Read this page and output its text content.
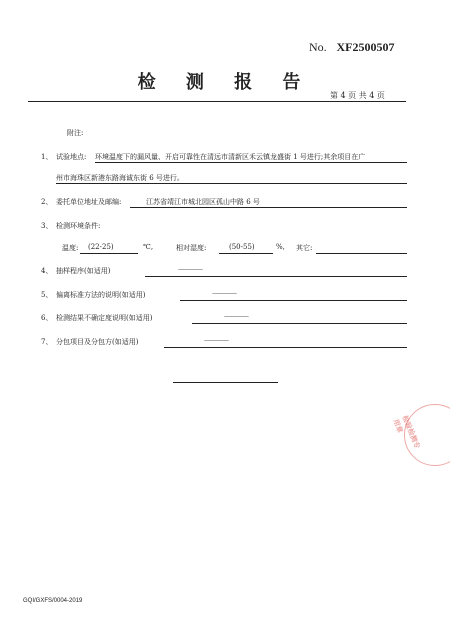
No. XF2500507
检 测 报 告
第 4 页 共 4 页
附注:
1、 试验地点: 环境温度下的漏风量、开启可靠性在清远市清新区禾云镇龙盛街 1 号进行;其余项目在广
州市海珠区新港东路海诚东街 6 号进行。
2、 委托单位地址及邮编:	江苏省靖江市城北园区孤山中路 6 号
3、 检测环境条件:
温度: (22-25)	℃,	相对湿度:	(50-55)	%, 其它:
4、 抽样程序(如适用)	————
5、 偏离标准方法的说明(如适用)	————
6、 检测结果不确定度说明(如适用)	————
7、 分包项目及分包方(如适用)	————
检验检测专用章
GQI/GXFS/0004-2019
